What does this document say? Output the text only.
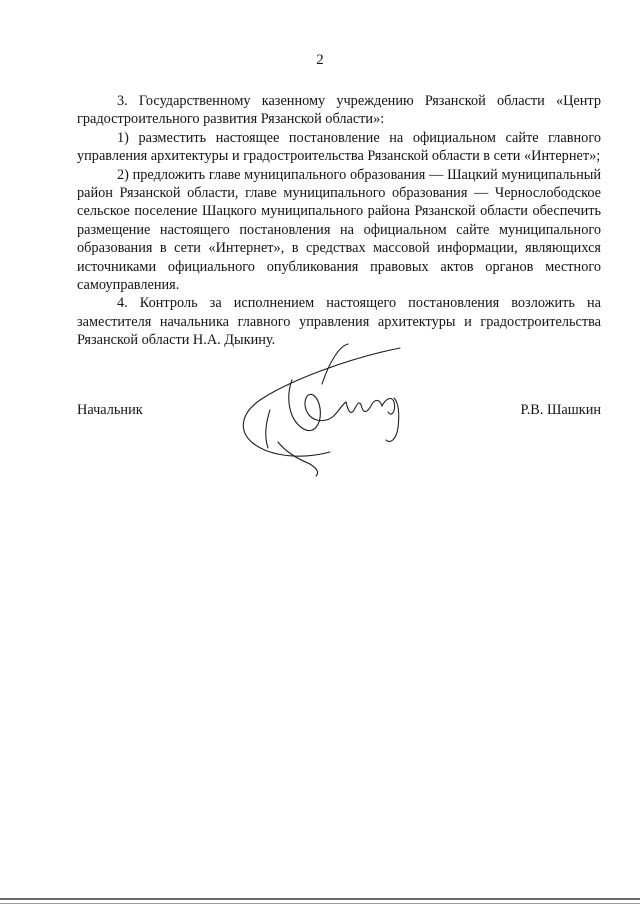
2

3. Государственному казенному учреждению Рязанской области «Центр градостроительного развития Рязанской области»:

1) разместить настоящее постановление на официальном сайте главного управления архитектуры и градостроительства Рязанской области в сети «Интернет»;

2) предложить главе муниципального образования — Шацкий муниципальный район Рязанской области, главе муниципального образования — Чернослободское сельское поселение Шацкого муниципального района Рязанской области обеспечить размещение настоящего постановления на официальном сайте муниципального образования в сети «Интернет», в средствах массовой информации, являющихся источниками официального опубликования правовых актов органов местного самоуправления.

4. Контроль за исполнением настоящего постановления возложить на заместителя начальника главного управления архитектуры и градостроительства Рязанской области Н.А. Дыкину.

Начальник	Р.В. Шашкин
